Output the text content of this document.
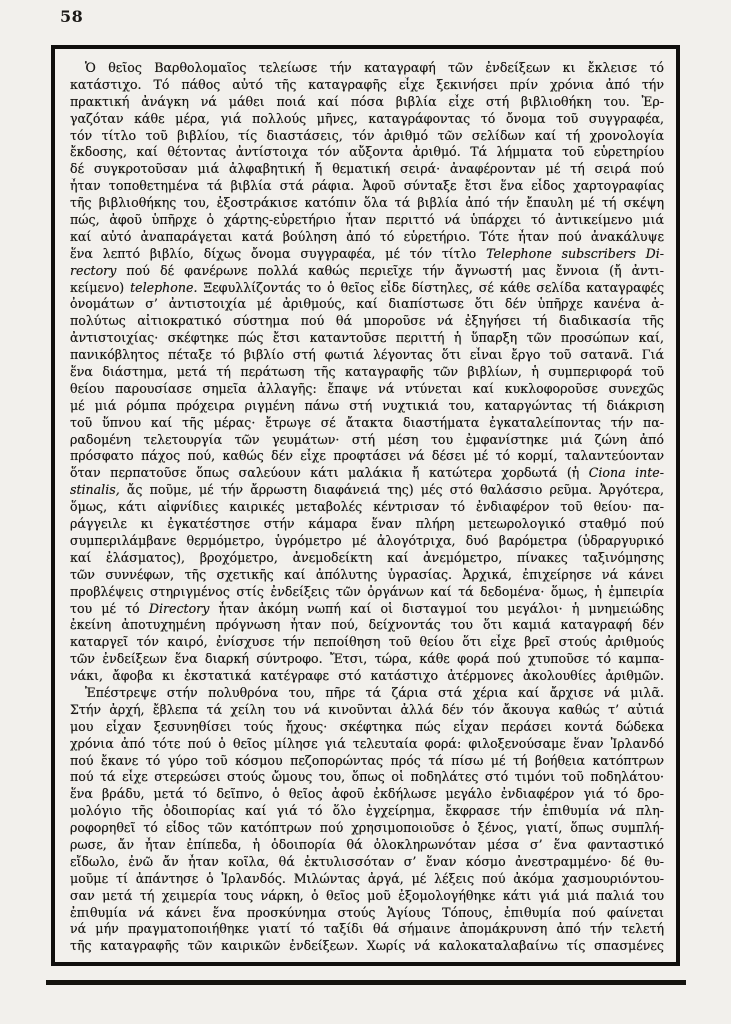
58
Ὁ θεῖος Βαρθολομαῖος τελείωσε τήν καταγραφή τῶν ἐνδείξεων κι ἔκλεισε τό
κατάστιχο. Τό πάθος αὐτό τῆς καταγραφῆς εἶχε ξεκινήσει πρίν χρόνια ἀπό τήν
πρακτική ἀνάγκη νά μάθει ποιά καί πόσα βιβλία εἶχε στή βιβλιοθήκη του. Ἐρ-
γαζόταν κάθε μέρα, γιά πολλούς μῆνες, καταγράφοντας τό ὄνομα τοῦ συγγραφέα,
τόν τίτλο τοῦ βιβλίου, τίς διαστάσεις, τόν ἀριθμό τῶν σελίδων καί τή χρονολογία
ἔκδοσης, καί θέτοντας ἀντίστοιχα τόν αὔξοντα ἀριθμό. Τά λήμματα τοῦ εὑρετηρίου
δέ συγκροτοῦσαν μιά ἀλφαβητική ἤ θεματική σειρά· ἀναφέρονταν μέ τή σειρά πού
ἦταν τοποθετημένα τά βιβλία στά ράφια. Ἀφοῦ σύνταξε ἔτσι ἕνα εἶδος χαρτογραφίας
τῆς βιβλιοθήκης του, ἐξοστράκισε κατόπιν ὅλα τά βιβλία ἀπό τήν ἔπαυλη μέ τή σκέψη
πώς, ἀφοῦ ὑπῆρχε ὁ χάρτης-εὑρετήριο ἦταν περιττό νά ὑπάρχει τό ἀντικείμενο μιά
καί αὐτό ἀναπαράγεται κατά βούληση ἀπό τό εὑρετήριο. Τότε ἦταν πού ἀνακάλυψε
ἕνα λεπτό βιβλίο, δίχως ὄνομα συγγραφέα, μέ τόν τίτλο Telephone subscribers Di-
rectory πού δέ φανέρωνε πολλά καθώς περιεῖχε τήν ἄγνωστή μας ἔννοια (ἤ ἀντι-
κείμενο) telephone. Ξεφυλλίζοντάς το ὁ θεῖος εἶδε δίστηλες, σέ κάθε σελίδα καταγραφές
ὀνομάτων σ’ ἀντιστοιχία μέ ἀριθμούς, καί διαπίστωσε ὅτι δέν ὑπῆρχε κανένα ἀ-
πολύτως αἰτιοκρατικό σύστημα πού θά μποροῦσε νά ἐξηγήσει τή διαδικασία τῆς
ἀντιστοιχίας· σκέφτηκε πώς ἔτσι καταντοῦσε περιττή ἡ ὕπαρξη τῶν προσώπων καί,
πανικόβλητος πέταξε τό βιβλίο στή φωτιά λέγοντας ὅτι εἶναι ἔργο τοῦ σατανᾶ. Γιά
ἕνα διάστημα, μετά τή περάτωση τῆς καταγραφῆς τῶν βιβλίων, ἡ συμπεριφορά τοῦ
θείου παρουσίασε σημεῖα ἀλλαγῆς: ἔπαψε νά ντύνεται καί κυκλοφοροῦσε συνεχῶς
μέ μιά ρόμπα πρόχειρα ριγμένη πάνω στή νυχτικιά του, καταργώντας τή διάκριση
τοῦ ὕπνου καί τῆς μέρας· ἔτρωγε σέ ἄτακτα διαστήματα ἐγκαταλείποντας τήν πα-
ραδομένη τελετουργία τῶν γευμάτων· στή μέση του ἐμφανίστηκε μιά ζώνη ἀπό
πρόσφατο πάχος πού, καθώς δέν εἶχε προφτάσει νά δέσει μέ τό κορμί, ταλαντεύονταν
ὅταν περπατοῦσε ὅπως σαλεύουν κάτι μαλάκια ἤ κατώτερα χορδωτά (ἡ Ciona inte-
stinalis, ἄς ποῦμε, μέ τήν ἄρρωστη διαφάνειά της) μές στό θαλάσσιο ρεῦμα. Ἀργότερα,
ὅμως, κάτι αἰφνίδιες καιρικές μεταβολές κέντρισαν τό ἐνδιαφέρον τοῦ θείου· πα-
ράγγειλε κι ἐγκατέστησε στήν κάμαρα ἕναν πλήρη μετεωρολογικό σταθμό πού
συμπεριλάμβανε θερμόμετρο, ὑγρόμετρο μέ ἀλογότριχα, δυό βαρόμετρα (ὑδραργυρικό
καί ἐλάσματος), βροχόμετρο, ἀνεμοδείκτη καί ἀνεμόμετρο, πίνακες ταξινόμησης
τῶν συννέφων, τῆς σχετικῆς καί ἀπόλυτης ὑγρασίας. Ἀρχικά, ἐπιχείρησε νά κάνει
προβλέψεις στηριγμένος στίς ἐνδείξεις τῶν ὀργάνων καί τά δεδομένα· ὅμως, ἡ ἐμπειρία
του μέ τό Directory ἦταν ἀκόμη νωπή καί οἱ δισταγμοί του μεγάλοι· ἡ μνημειώδης
ἐκείνη ἀποτυχημένη πρόγνωση ἦταν πού, δείχνοντάς του ὅτι καμιά καταγραφή δέν
καταργεῖ τόν καιρό, ἐνίσχυσε τήν πεποίθηση τοῦ θείου ὅτι εἶχε βρεῖ στούς ἀριθμούς
τῶν ἐνδείξεων ἕνα διαρκή σύντροφο. Ἔτσι, τώρα, κάθε φορά πού χτυποῦσε τό καμπα-
νάκι, ἄφοβα κι ἐκστατικά κατέγραφε στό κατάστιχο ἀτέρμονες ἀκολουθίες ἀριθμῶν.
Ἐπέστρεψε στήν πολυθρόνα του, πῆρε τά ζάρια στά χέρια καί ἄρχισε νά μιλᾶ.
Στήν ἀρχή, ἔβλεπα τά χείλη του νά κινοῦνται ἀλλά δέν τόν ἄκουγα καθώς τ’ αὐτιά
μου εἶχαν ξεσυνηθίσει τούς ἤχους· σκέφτηκα πώς εἶχαν περάσει κοντά δώδεκα
χρόνια ἀπό τότε πού ὁ θεῖος μίλησε γιά τελευταία φορά: φιλοξενούσαμε ἕναν Ἰρλανδό
πού ἔκανε τό γύρο τοῦ κόσμου πεζοπορώντας πρός τά πίσω μέ τή βοήθεια κατόπτρων
πού τά εἶχε στερεώσει στούς ὤμους του, ὅπως οἱ ποδηλάτες στό τιμόνι τοῦ ποδηλάτου·
ἕνα βράδυ, μετά τό δεῖπνο, ὁ θεῖος ἀφοῦ ἐκδήλωσε μεγάλο ἐνδιαφέρον γιά τό δρο-
μολόγιο τῆς ὁδοιπορίας καί γιά τό ὅλο ἐγχείρημα, ἔκφρασε τήν ἐπιθυμία νά πλη-
ροφορηθεῖ τό εἶδος τῶν κατόπτρων πού χρησιμοποιοῦσε ὁ ξένος, γιατί, ὅπως συμπλή-
ρωσε, ἄν ἦταν ἐπίπεδα, ἡ ὁδοιπορία θά ὁλοκληρωνόταν μέσα σ’ ἕνα φανταστικό
εἴδωλο, ἐνῶ ἄν ἦταν κοῖλα, θά ἐκτυλισσόταν σ’ ἕναν κόσμο ἀνεστραμμένο· δέ θυ-
μοῦμε τί ἀπάντησε ὁ Ἰρλανδός. Μιλώντας ἀργά, μέ λέξεις πού ἀκόμα χασμουριόντου-
σαν μετά τή χειμερία τους νάρκη, ὁ θεῖος μοῦ ἐξομολογήθηκε κάτι γιά μιά παλιά του
ἐπιθυμία νά κάνει ἕνα προσκύνημα στούς Ἁγίους Τόπους, ἐπιθυμία πού φαίνεται
νά μήν πραγματοποιήθηκε γιατί τό ταξίδι θά σήμαινε ἀπομάκρυνση ἀπό τήν τελετή
τῆς καταγραφῆς τῶν καιρικῶν ἐνδείξεων. Χωρίς νά καλοκαταλαβαίνω τίς σπασμένες
